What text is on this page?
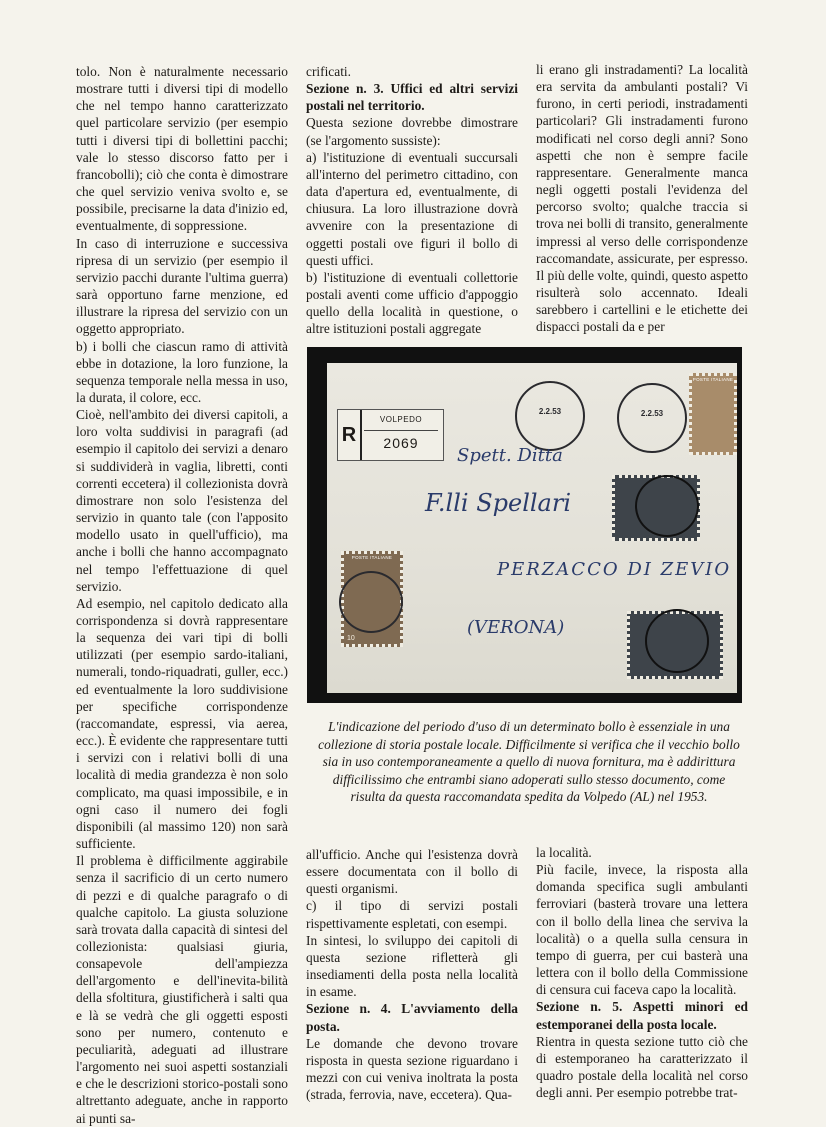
tolo. Non è naturalmente necessario mostrare tutti i diversi tipi di modello che nel tempo hanno caratterizzato quel particolare servizio (per esempio tutti i diversi tipi di bollettini pacchi; vale lo stesso discorso fatto per i francobolli); ciò che conta è dimostrare che quel servizio veniva svolto e, se possibile, precisarne la data d'inizio ed, eventualmente, di soppressione.

In caso di interruzione e successiva ripresa di un servizio (per esempio il servizio pacchi durante l'ultima guerra) sarà opportuno farne menzione, ed illustrare la ripresa del servizio con un oggetto appropriato.

b) i bolli che ciascun ramo di attività ebbe in dotazione, la loro funzione, la sequenza temporale nella messa in uso, la durata, il colore, ecc.

Cioè, nell'ambito dei diversi capitoli, a loro volta suddivisi in paragrafi (ad esempio il capitolo dei servizi a denaro si suddividerà in vaglia, libretti, conti correnti eccetera) il collezionista dovrà dimostrare non solo l'esistenza del servizio in quanto tale (con l'apposito modello usato in quell'ufficio), ma anche i bolli che hanno accompagnato nel tempo l'effettuazione di quel servizio.

Ad esempio, nel capitolo dedicato alla corrispondenza si dovrà rappresentare la sequenza dei vari tipi di bolli utilizzati (per esempio sardo-italiani, numerali, tondo-riquadrati, guller, ecc.) ed eventualmente la loro suddivisione per specifiche corrispondenze (raccomandate, espressi, via aerea, ecc.). È evidente che rappresentare tutti i servizi con i relativi bolli di una località di media grandezza è non solo complicato, ma quasi impossibile, e in ogni caso il numero dei fogli disponibili (al massimo 120) non sarà sufficiente.

Il problema è difficilmente aggirabile senza il sacrificio di un certo numero di pezzi e di qualche paragrafo o di qualche capitolo. La giusta soluzione sarà trovata dalla capacità di sintesi del collezionista: qualsiasi giuria, consapevole dell'ampiezza dell'argomento e dell'inevita-bilità della sfoltitura, giustificherà i salti qua e là se vedrà che gli oggetti esposti sono per numero, contenuto e peculiarità, adeguati ad illustrare l'argomento nei suoi aspetti sostanziali e che le descrizioni storico-postali sono altrettanto adeguate, anche in rapporto ai punti sa-

crificati.

Sezione n. 3. Uffici ed altri servizi postali nel territorio.

Questa sezione dovrebbe dimostrare (se l'argomento sussiste):

a) l'istituzione di eventuali succursali all'interno del perimetro cittadino, con data d'apertura ed, eventualmente, di chiusura. La loro illustrazione dovrà avvenire con la presentazione di oggetti postali ove figuri il bollo di questi uffici.

b) l'istituzione di eventuali collettorie postali aventi come ufficio d'appoggio quello della località in questione, o altre istituzioni postali aggregate

li erano gli instradamenti? La località era servita da ambulanti postali? Vi furono, in certi periodi, instradamenti particolari? Gli instradamenti furono modificati nel corso degli anni? Sono aspetti che non è sempre facile rappresentare. Generalmente manca negli oggetti postali l'evidenza del percorso svolto; qualche traccia si trova nei bolli di transito, generalmente impressi al verso delle corrispondenze raccomandate, assicurate, per espresso. Il più delle volte, quindi, questo aspetto risulterà solo accennato. Ideali sarebbero i cartellini e le etichette dei dispacci postali da e per

R
VOLPEDO
2069
POSTE ITALIANE
2.2.53	2.2.53
POSTE ITALIANE
10
Spett. Ditta
F.lli Spellari
PERZACCO DI ZEVIO
(VERONA)
L'indicazione del periodo d'uso di un determinato bollo è essenziale in una collezione di storia postale locale. Difficilmente si verifica che il vecchio bollo sia in uso contemporaneamente a quello di nuova fornitura, ma è addirittura difficilissimo che entrambi siano adoperati sullo stesso documento, come risulta da questa raccomandata spedita da Volpedo (AL) nel 1953.

all'ufficio. Anche qui l'esistenza dovrà essere documentata con il bollo di questi organismi.

c) il tipo di servizi postali rispettivamente espletati, con esempi.

In sintesi, lo sviluppo dei capitoli di questa sezione rifletterà gli insediamenti della posta nella località in esame.

Sezione n. 4. L'avviamento della posta.

Le domande che devono trovare risposta in questa sezione riguardano i mezzi con cui veniva inoltrata la posta (strada, ferrovia, nave, eccetera). Qua-

la località.

Più facile, invece, la risposta alla domanda specifica sugli ambulanti ferroviari (basterà trovare una lettera con il bollo della linea che serviva la località) o a quella sulla censura in tempo di guerra, per cui basterà una lettera con il bollo della Commissione di censura cui faceva capo la località.

Sezione n. 5. Aspetti minori ed estemporanei della posta locale.

Rientra in questa sezione tutto ciò che di estemporaneo ha caratterizzato il quadro postale della località nel corso degli anni. Per esempio potrebbe trat-
